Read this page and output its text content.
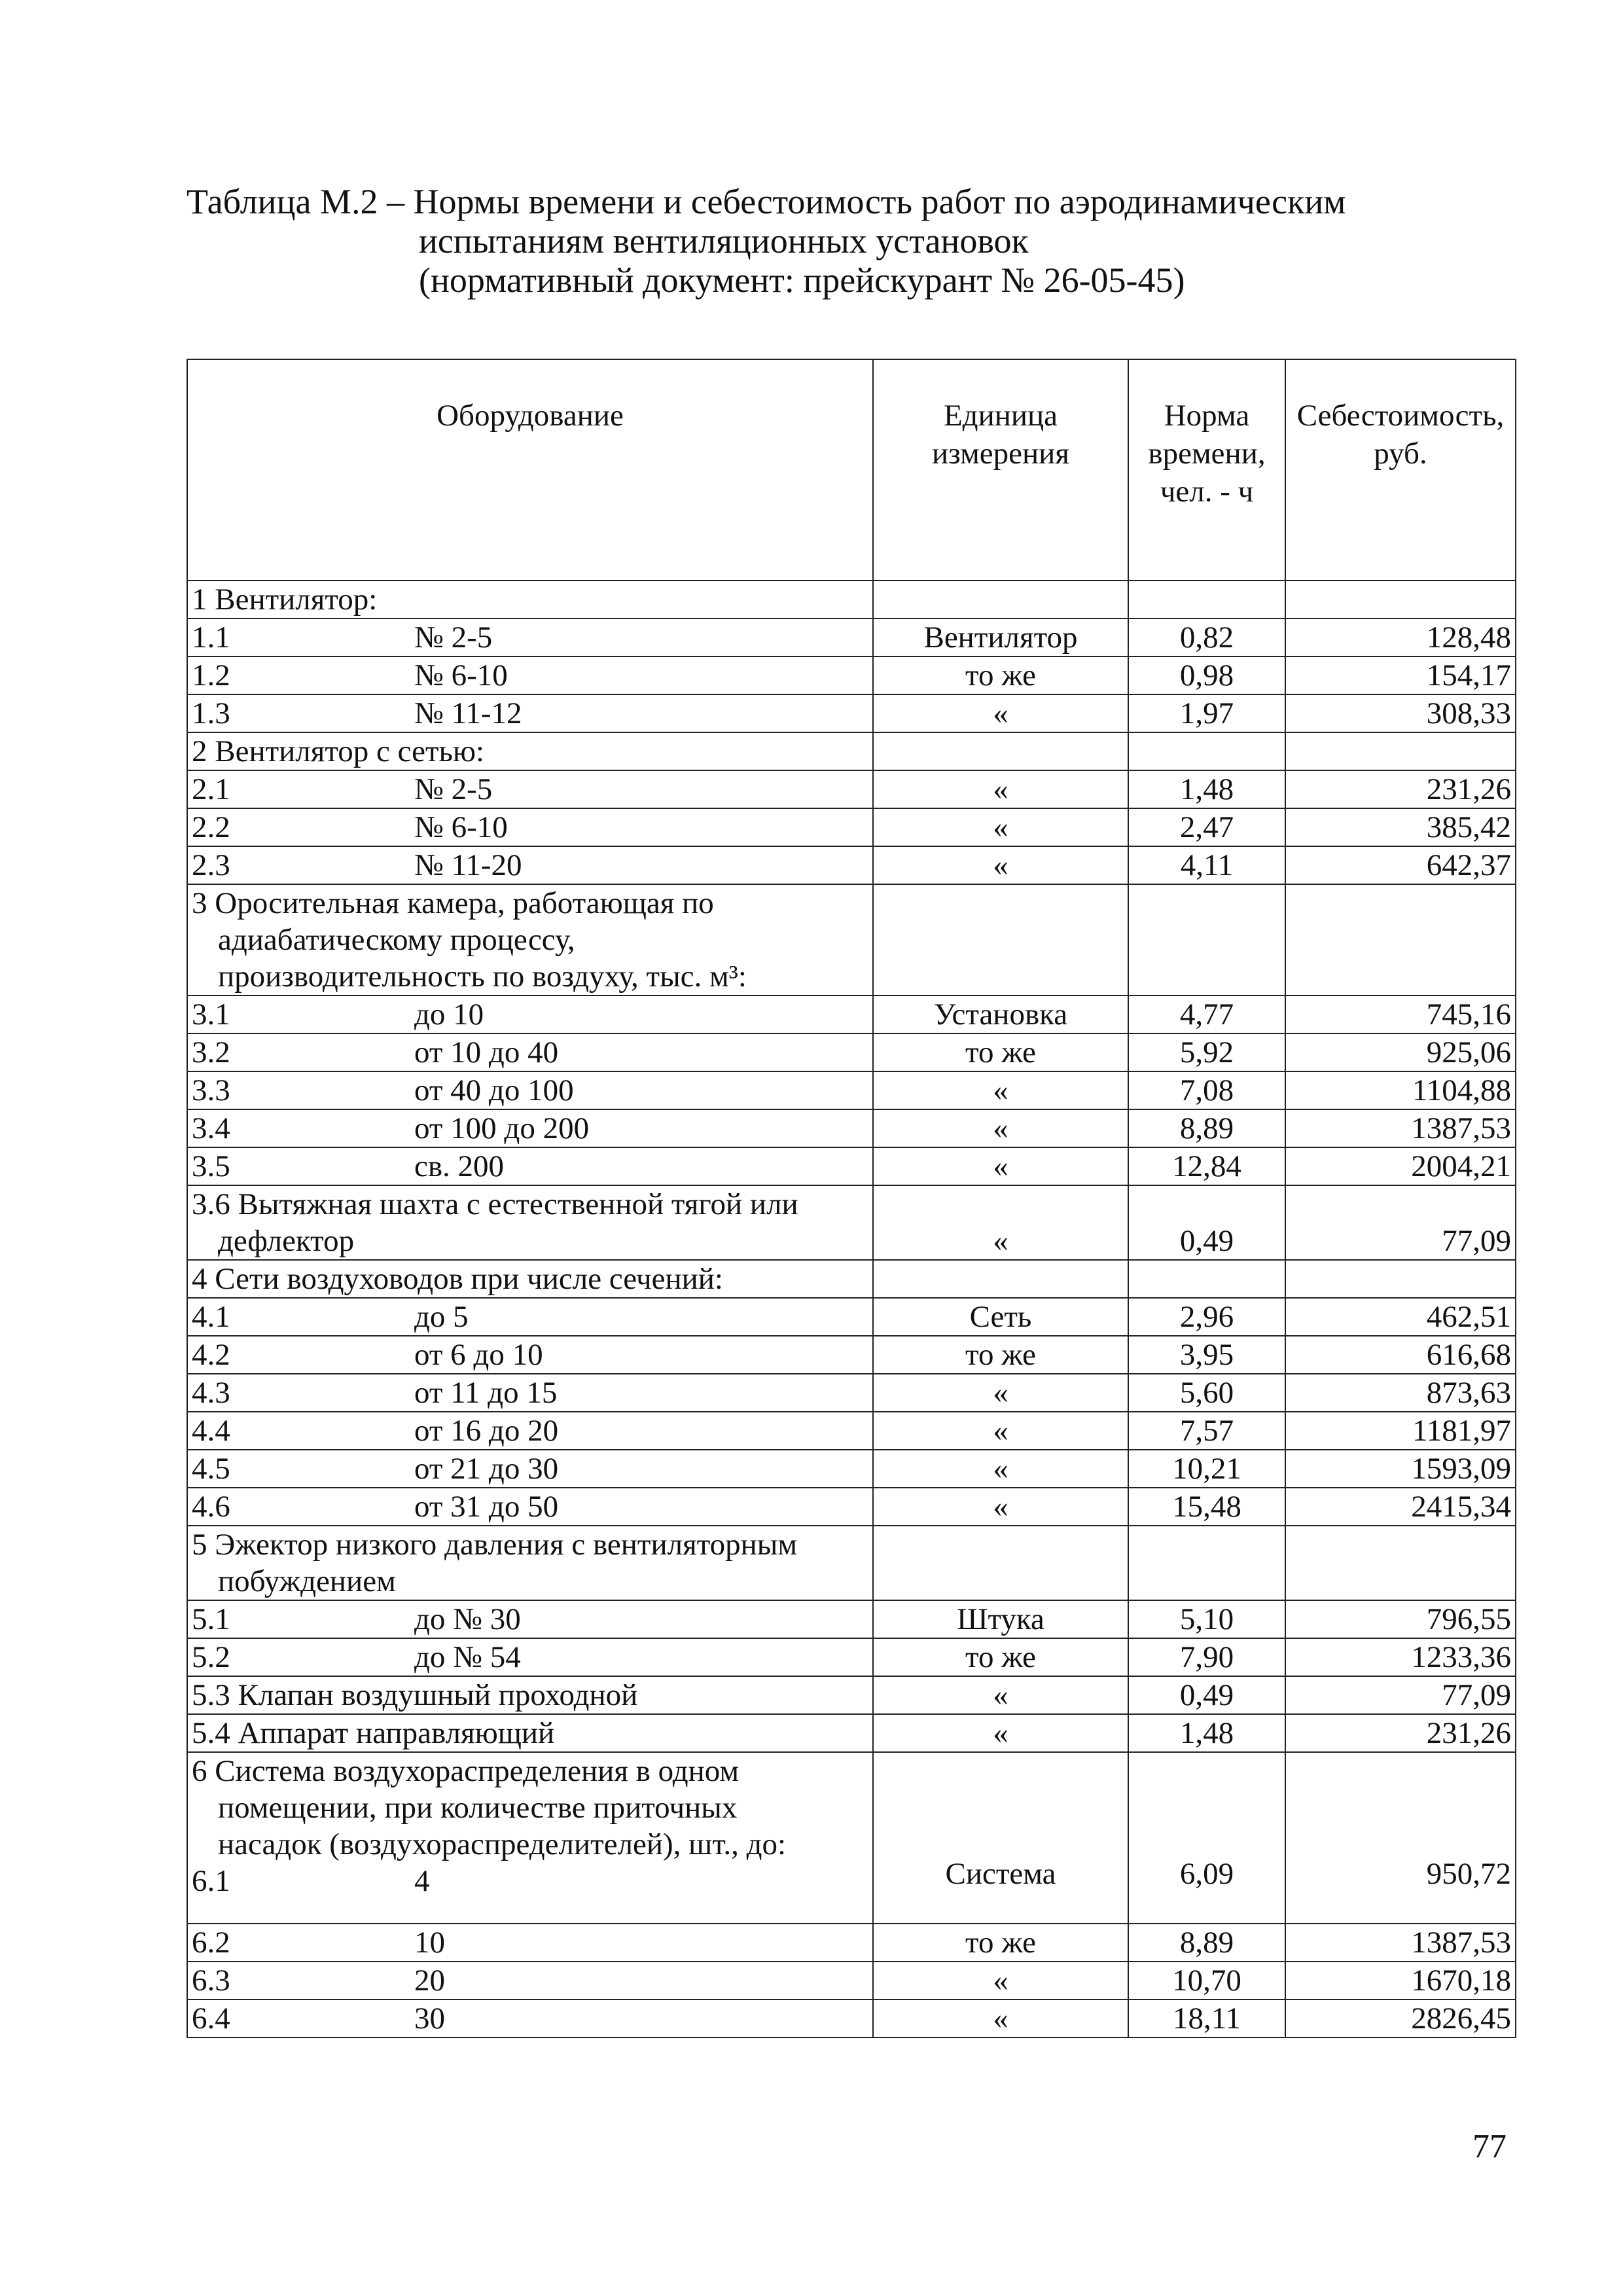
Таблица М.2 – Нормы времени и себестоимость работ по аэродинамическим
испытаниям вентиляционных установок
(нормативный документ: прейскурант № 26-05-45)
Оборудование	Единица измерения	Норма времени, чел. - ч	Себестоимость, руб.
1 Вентилятор:			
1.1 № 2-5	Вентилятор	0,82	128,48
1.2 № 6-10	то же	0,98	154,17
1.3 № 11-12	«	1,97	308,33
2 Вентилятор с сетью:			
2.1 № 2-5	«	1,48	231,26
2.2 № 6-10	«	2,47	385,42
2.3 № 11-20	«	4,11	642,37

3 Оросительная камера, работающая по
адиабатическому процессу,
производительность по воздуху, тыс. м³:			

3.1 до 10	Установка	4,77	745,16
3.2 от 10 до 40	то же	5,92	925,06
3.3 от 40 до 100	«	7,08	1104,88
3.4 от 100 до 200	«	8,89	1387,53
3.5 св. 200	«	12,84	2004,21

3.6 Вытяжная шахта с естественной тягой или
дефлектор	«	0,49	77,09
4 Сети воздуховодов при числе сечений:			
4.1 до 5	Сеть	2,96	462,51
4.2 от 6 до 10	то же	3,95	616,68
4.3 от 11 до 15	«	5,60	873,63
4.4 от 16 до 20	«	7,57	1181,97
4.5 от 21 до 30	«	10,21	1593,09
4.6 от 31 до 50	«	15,48	2415,34

5 Эжектор низкого давления с вентиляторным
побуждением			

5.1 до № 30	Штука	5,10	796,55
5.2 до № 54	то же	7,90	1233,36
5.3 Клапан воздушный проходной	«	0,49	77,09
5.4 Аппарат направляющий	«	1,48	231,26

6 Система воздухораспределения в одном
помещении, при количестве приточных
насадок (воздухораспределителей), шт., до:
6.1 4	Система	6,09	950,72
6.2 10	то же	8,89	1387,53
6.3 20	«	10,70	1670,18
6.4 30	«	18,11	2826,45
77
